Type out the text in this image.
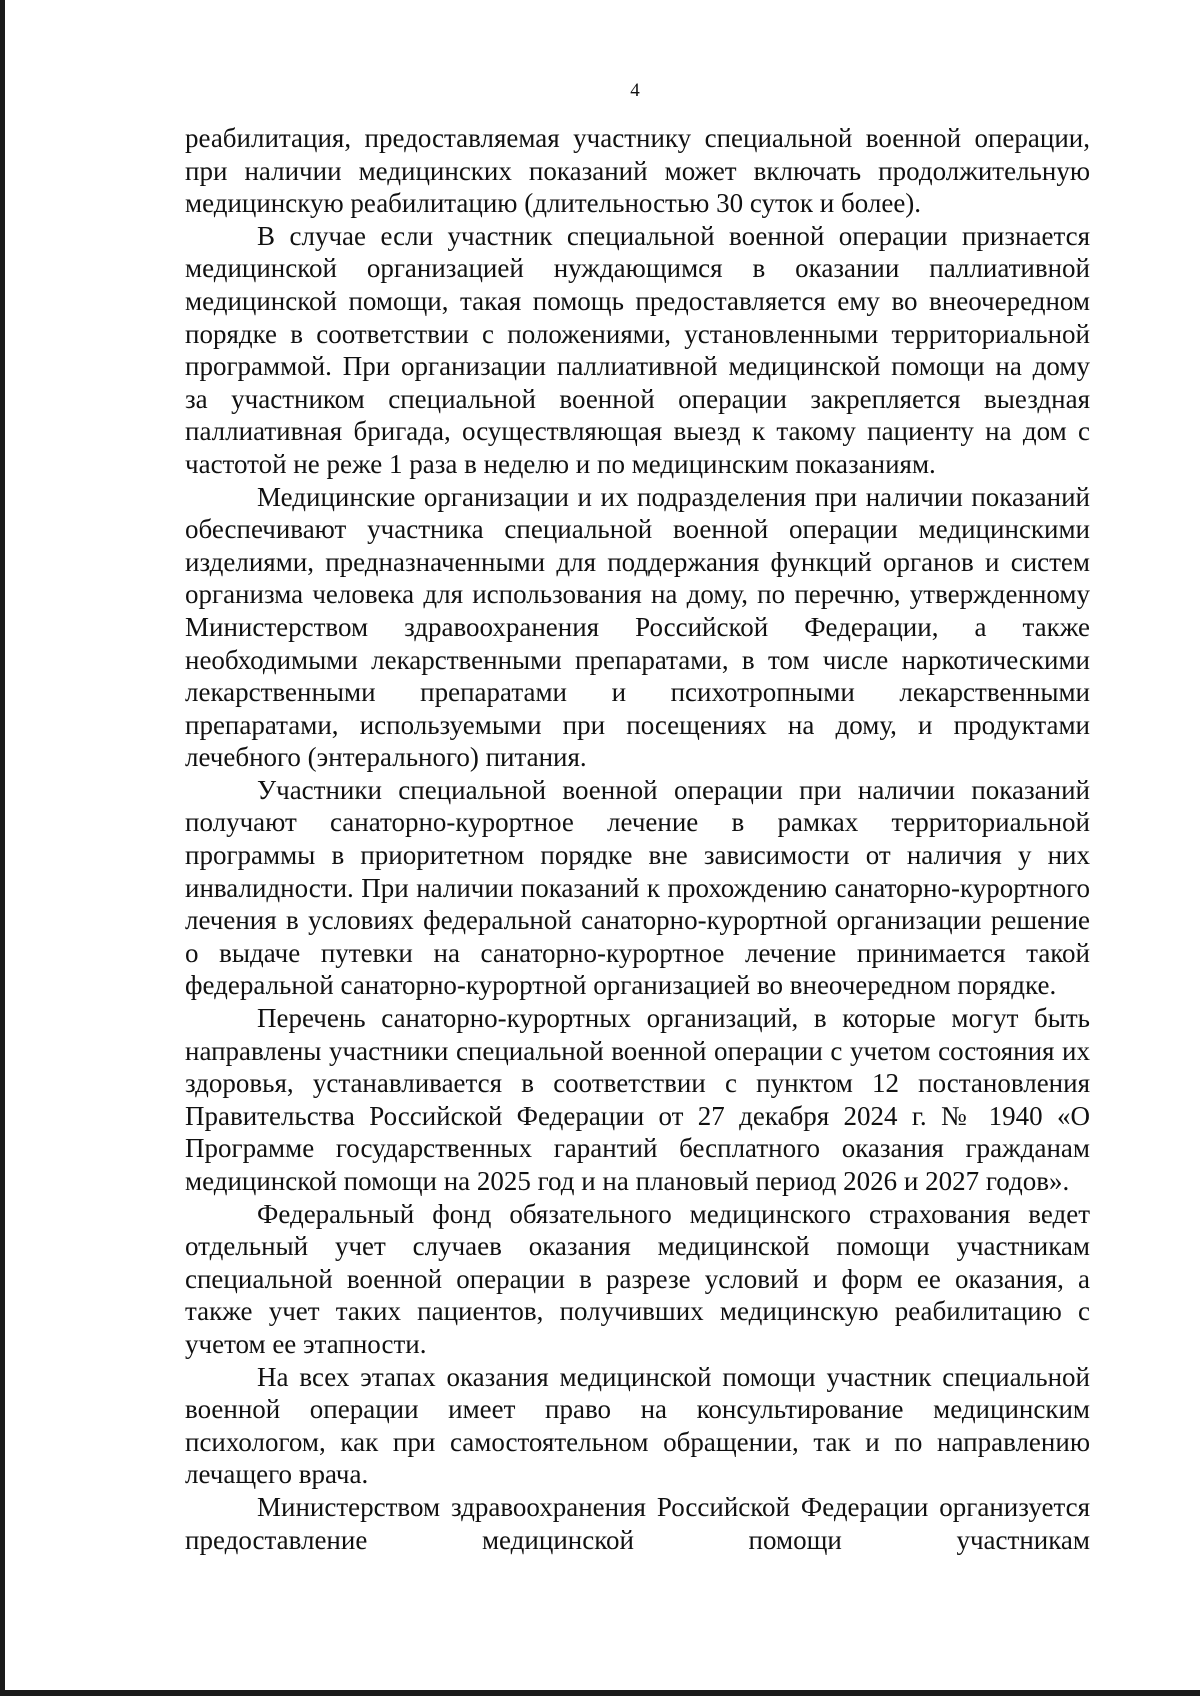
4

реабилитация, предоставляемая участнику специальной военной операции, при наличии медицинских показаний может включать продолжительную медицинскую реабилитацию (длительностью 30 суток и более).

В случае если участник специальной военной операции признается медицинской организацией нуждающимся в оказании паллиативной медицинской помощи, такая помощь предоставляется ему во внеочередном порядке в соответствии с положениями, установленными территориальной программой. При организации паллиативной медицинской помощи на дому за участником специальной военной операции закрепляется выездная паллиативная бригада, осуществляющая выезд к такому пациенту на дом с частотой не реже 1 раза в неделю и по медицинским показаниям.

Медицинские организации и их подразделения при наличии показаний обеспечивают участника специальной военной операции медицинскими изделиями, предназначенными для поддержания функций органов и систем организма человека для использования на дому, по перечню, утвержденному Министерством здравоохранения Российской Федерации, а также необходимыми лекарственными препаратами, в том числе наркотическими лекарственными препаратами и психотропными лекарственными препаратами, используемыми при посещениях на дому, и продуктами лечебного (энтерального) питания.

Участники специальной военной операции при наличии показаний получают санаторно-курортное лечение в рамках территориальной программы в приоритетном порядке вне зависимости от наличия у них инвалидности. При наличии показаний к прохождению санаторно-курортного лечения в условиях федеральной санаторно-курортной организации решение о выдаче путевки на санаторно-курортное лечение принимается такой федеральной санаторно-курортной организацией во внеочередном порядке.

Перечень санаторно-курортных организаций, в которые могут быть направлены участники специальной военной операции с учетом состояния их здоровья, устанавливается в соответствии с пунктом 12 постановления Правительства Российской Федерации от 27 декабря 2024 г. № 1940 «О Программе государственных гарантий бесплатного оказания гражданам медицинской помощи на 2025 год и на плановый период 2026 и 2027 годов».

Федеральный фонд обязательного медицинского страхования ведет отдельный учет случаев оказания медицинской помощи участникам специальной военной операции в разрезе условий и форм ее оказания, а также учет таких пациентов, получивших медицинскую реабилитацию с учетом ее этапности.

На всех этапах оказания медицинской помощи участник специальной военной операции имеет право на консультирование медицинским психологом, как при самостоятельном обращении, так и по направлению лечащего врача.

Министерством здравоохранения Российской Федерации организуется предоставление медицинской помощи участникам
